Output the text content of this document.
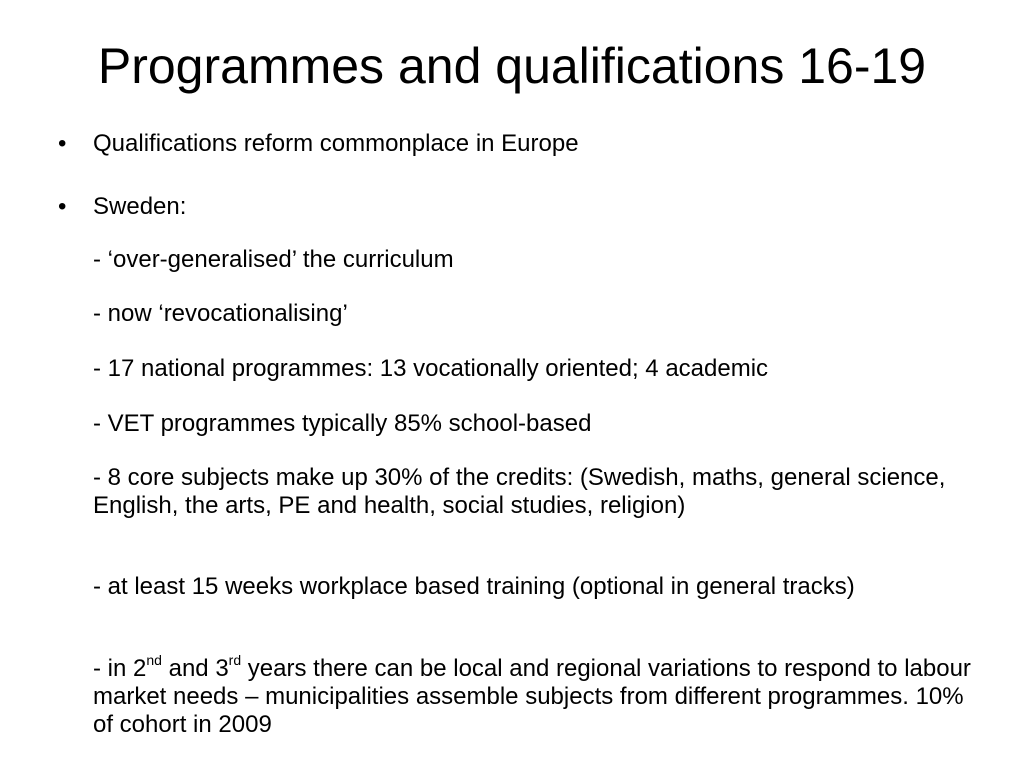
Programmes and qualifications 16-19
• Qualifications reform commonplace in Europe
• Sweden:
- ‘over-generalised’ the curriculum
- now ‘revocationalising’
- 17 national programmes: 13 vocationally oriented; 4 academic
- VET programmes typically 85% school-based
- 8 core subjects make up 30% of the credits: (Swedish, maths, general science, English, the arts, PE and health, social studies, religion)
- at least 15 weeks workplace based training (optional in general tracks)
- in 2nd and 3rd years there can be local and regional variations to respond to labour market needs – municipalities assemble subjects from different programmes. 10% of cohort in 2009
